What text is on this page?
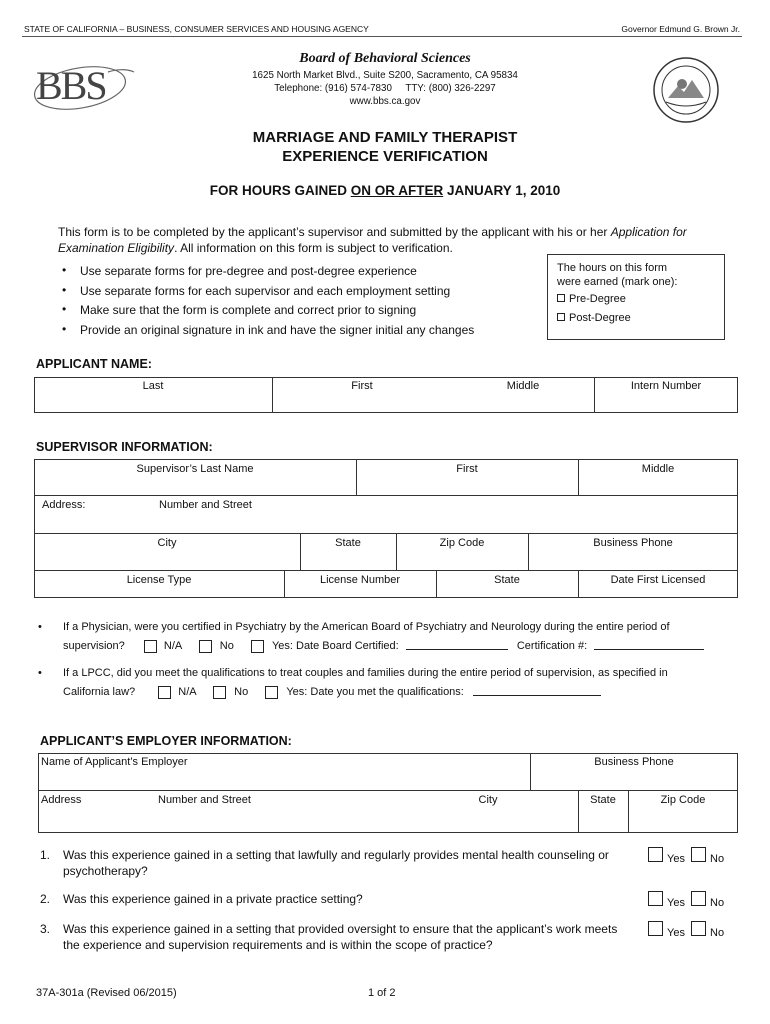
STATE OF CALIFORNIA – BUSINESS, CONSUMER SERVICES AND HOUSING AGENCY	Governor Edmund G. Brown Jr.
BBS
Board of Behavioral Sciences
1625 North Market Blvd., Suite S200, Sacramento, CA 95834
Telephone: (916) 574-7830     TTY: (800) 326-2297
www.bbs.ca.gov
MARRIAGE AND FAMILY THERAPIST
EXPERIENCE VERIFICATION
FOR HOURS GAINED ON OR AFTER JANUARY 1, 2010
This form is to be completed by the applicant’s supervisor and submitted by the applicant with his or her Application for
Examination Eligibility. All information on this form is subject to verification.
• Use separate forms for pre-degree and post-degree experience
• Use separate forms for each supervisor and each employment setting
• Make sure that the form is complete and correct prior to signing
• Provide an original signature in ink and have the signer initial any changes
The hours on this form
were earned (mark one):
Pre-Degree
Post-Degree
APPLICANT NAME:
Last	First	Middle	Intern Number
SUPERVISOR INFORMATION:
Supervisor’s Last Name	First	Middle
Address:	Number and Street
City	State	Zip Code	Business Phone
License Type	License Number	State	Date First Licensed
• If a Physician, were you certified in Psychiatry by the American Board of Psychiatry and Neurology during the entire period of
supervision?	N/A	No	Yes: Date Board Certified:	Certification #:
• If a LPCC, did you meet the qualifications to treat couples and families during the entire period of supervision, as specified in
California law?	N/A	No	Yes: Date you met the qualifications:
APPLICANT’S EMPLOYER INFORMATION:
Name of Applicant’s Employer	Business Phone
Address	Number and Street	City	State	Zip Code
1. Was this experience gained in a setting that lawfully and regularly provides mental health counseling or
psychotherapy?
Yes No
2. Was this experience gained in a private practice setting?	Yes No
3. Was this experience gained in a setting that provided oversight to ensure that the applicant’s work meets
the experience and supervision requirements and is within the scope of practice?
Yes No
37A-301a (Revised 06/2015)	1 of 2
